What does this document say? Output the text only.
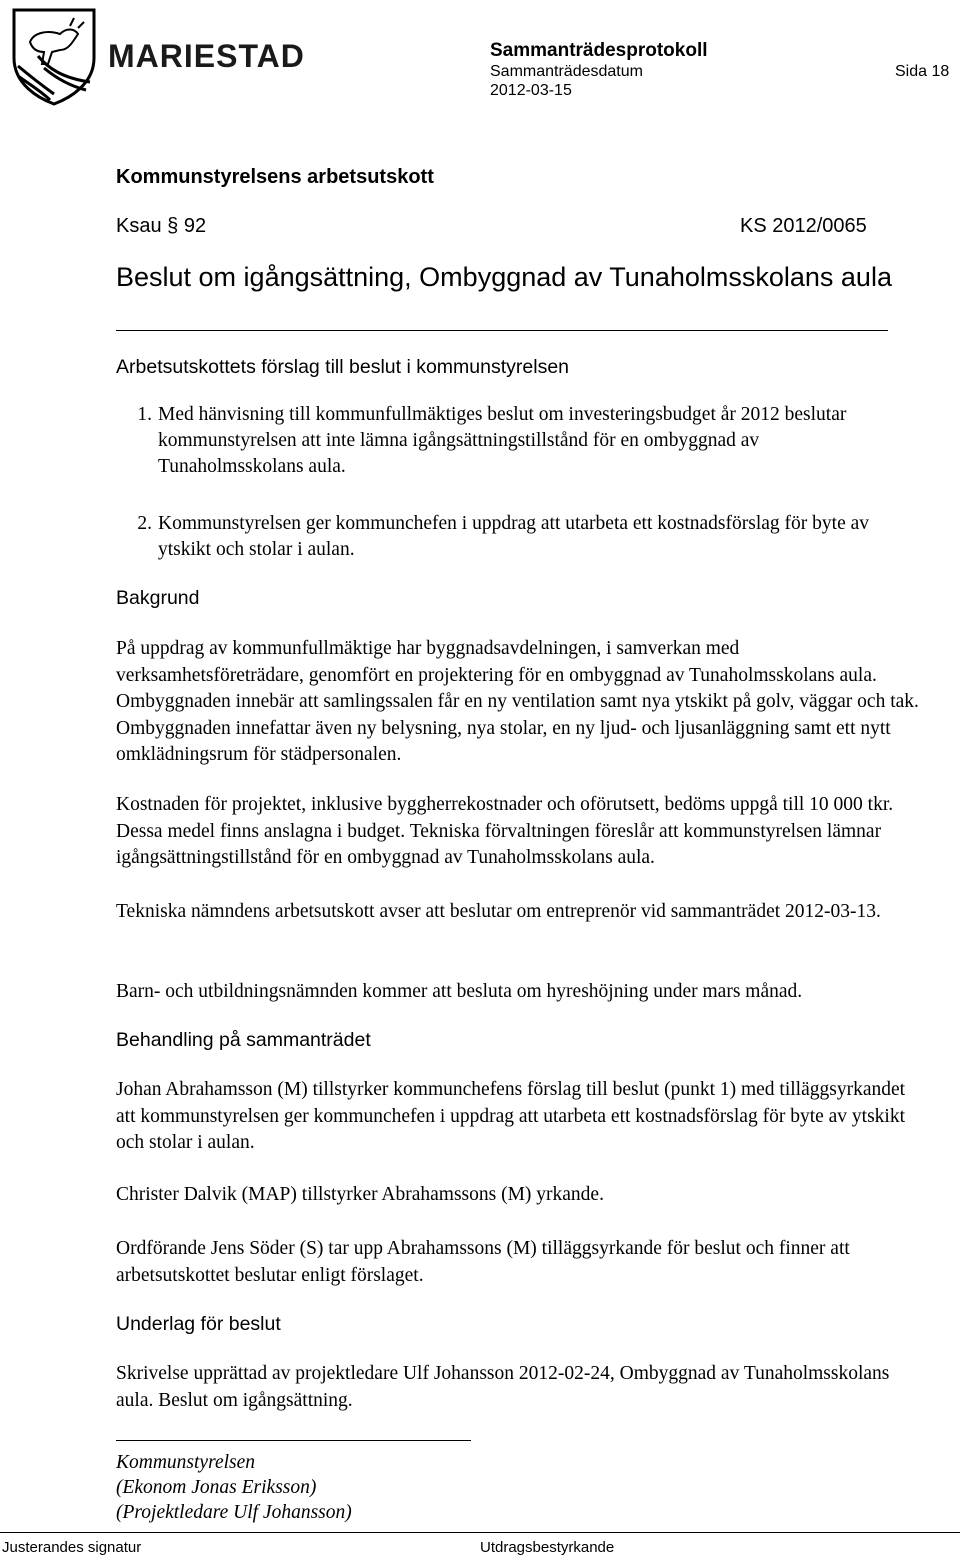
MARIESTAD	Sammanträdesprotokoll
Sammanträdesdatum	Sida 18
2012-03-15
Kommunstyrelsens arbetsutskott
Ksau § 92	KS 2012/0065
Beslut om igångsättning, Ombyggnad av Tunaholmsskolans aula
Arbetsutskottets förslag till beslut i kommunstyrelsen
1. Med hänvisning till kommunfullmäktiges beslut om investeringsbudget år 2012 beslutar kommunstyrelsen att inte lämna igångsättningstillstånd för en ombyggnad av Tunaholmsskolans aula.
2. Kommunstyrelsen ger kommunchefen i uppdrag att utarbeta ett kostnadsförslag för byte av ytskikt och stolar i aulan.
Bakgrund
På uppdrag av kommunfullmäktige har byggnadsavdelningen, i samverkan med verksamhetsföreträdare, genomfört en projektering för en ombyggnad av Tunaholmsskolans aula. Ombyggnaden innebär att samlingssalen får en ny ventilation samt nya ytskikt på golv, väggar och tak. Ombyggnaden innefattar även ny belysning, nya stolar, en ny ljud- och ljusanläggning samt ett nytt omklädningsrum för städpersonalen.
Kostnaden för projektet, inklusive byggherrekostnader och oförutsett, bedöms uppgå till 10 000 tkr. Dessa medel finns anslagna i budget. Tekniska förvaltningen föreslår att kommunstyrelsen lämnar igångsättningstillstånd för en ombyggnad av Tunaholmsskolans aula.
Tekniska nämndens arbetsutskott avser att beslutar om entreprenör vid sammanträdet 2012-03-13.
Barn- och utbildningsnämnden kommer att besluta om hyreshöjning under mars månad.
Behandling på sammanträdet
Johan Abrahamsson (M) tillstyrker kommunchefens förslag till beslut (punkt 1) med tilläggsyrkandet att kommunstyrelsen ger kommunchefen i uppdrag att utarbeta ett kostnadsförslag för byte av ytskikt och stolar i aulan.
Christer Dalvik (MAP) tillstyrker Abrahamssons (M) yrkande.
Ordförande Jens Söder (S) tar upp Abrahamssons (M) tilläggsyrkande för beslut och finner att arbetsutskottet beslutar enligt förslaget.
Underlag för beslut
Skrivelse upprättad av projektledare Ulf Johansson 2012-02-24, Ombyggnad av Tunaholmsskolans aula. Beslut om igångsättning.
Kommunstyrelsen
(Ekonom Jonas Eriksson)
(Projektledare Ulf Johansson)
Justerandes signatur	Utdragsbestyrkande
